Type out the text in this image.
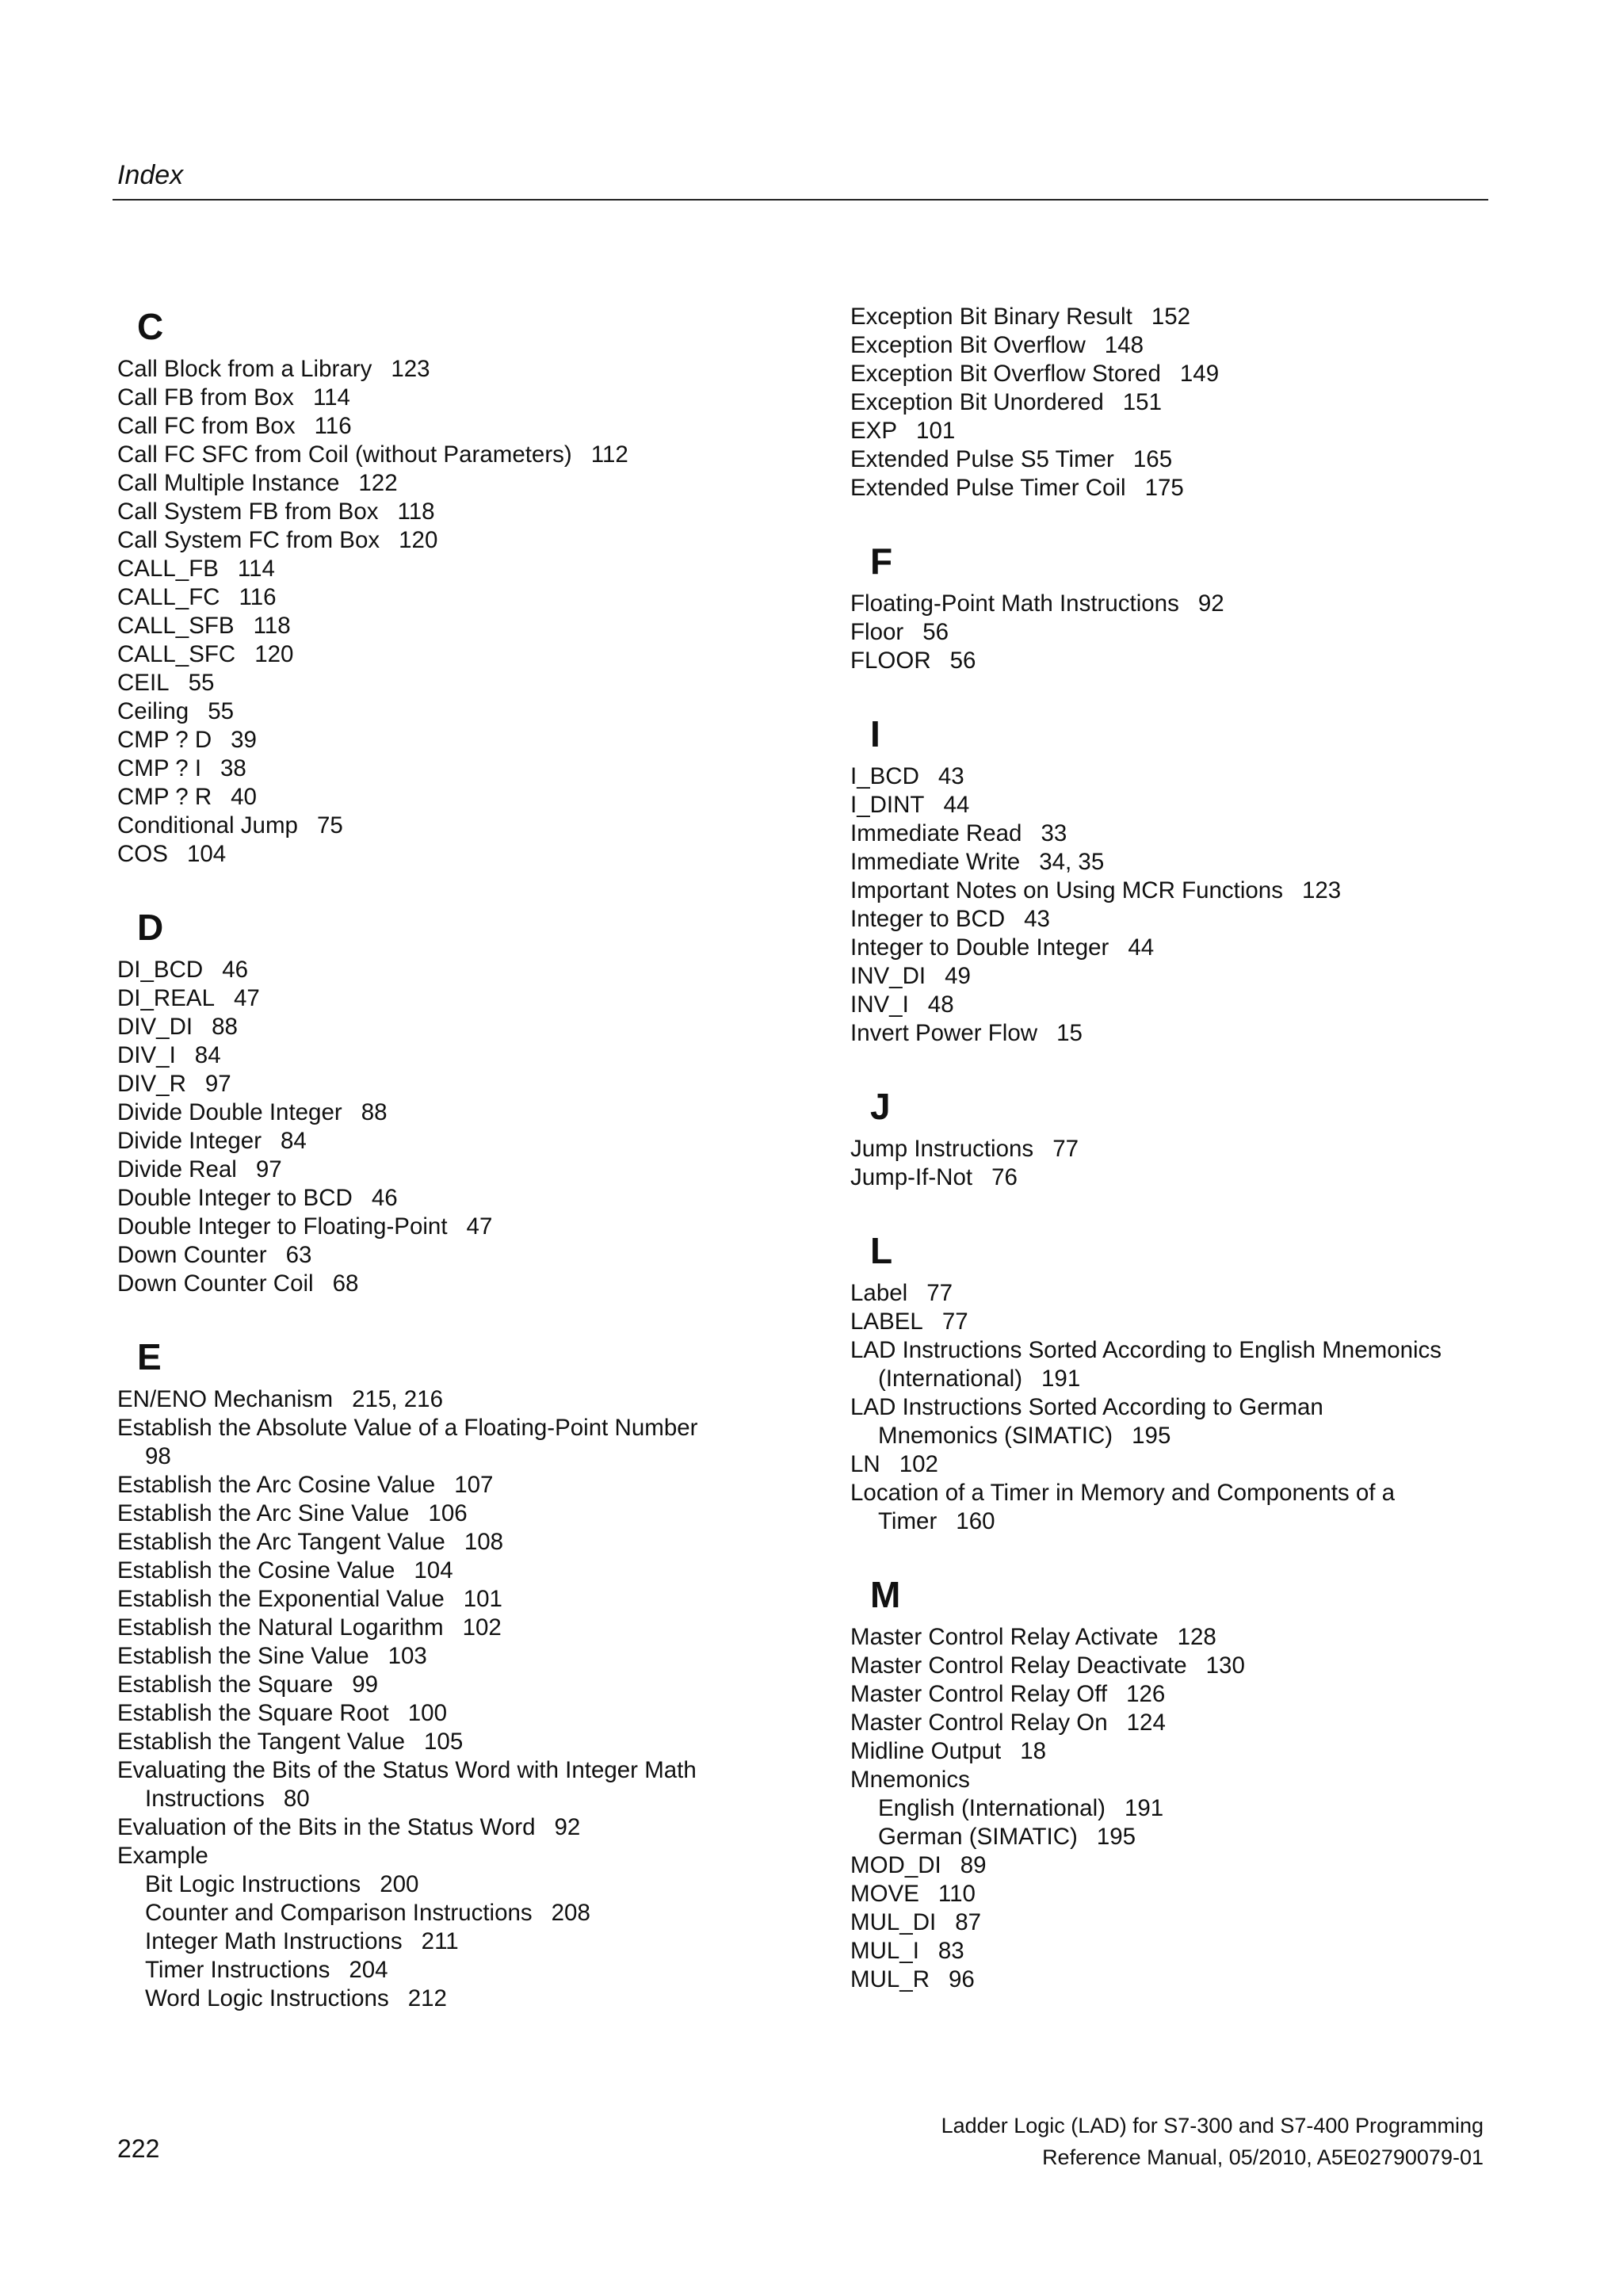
Index
C
Call Block from a Library 123
Call FB from Box 114
Call FC from Box 116
Call FC SFC from Coil (without Parameters) 112
Call Multiple Instance 122
Call System FB from Box 118
Call System FC from Box 120
CALL_FB 114
CALL_FC 116
CALL_SFB 118
CALL_SFC 120
CEIL 55
Ceiling 55
CMP ? D 39
CMP ? I 38
CMP ? R 40
Conditional Jump 75
COS 104
D
DI_BCD 46
DI_REAL 47
DIV_DI 88
DIV_I 84
DIV_R 97
Divide Double Integer 88
Divide Integer 84
Divide Real 97
Double Integer to BCD 46
Double Integer to Floating-Point 47
Down Counter 63
Down Counter Coil 68
E
EN/ENO Mechanism 215, 216
Establish the Absolute Value of a Floating-Point Number
98
Establish the Arc Cosine Value 107
Establish the Arc Sine Value 106
Establish the Arc Tangent Value 108
Establish the Cosine Value 104
Establish the Exponential Value 101
Establish the Natural Logarithm 102
Establish the Sine Value 103
Establish the Square 99
Establish the Square Root 100
Establish the Tangent Value 105
Evaluating the Bits of the Status Word with Integer Math
Instructions 80
Evaluation of the Bits in the Status Word 92
Example
Bit Logic Instructions 200
Counter and Comparison Instructions 208
Integer Math Instructions 211
Timer Instructions 204
Word Logic Instructions 212
Exception Bit Binary Result 152
Exception Bit Overflow 148
Exception Bit Overflow Stored 149
Exception Bit Unordered 151
EXP 101
Extended Pulse S5 Timer 165
Extended Pulse Timer Coil 175
F
Floating-Point Math Instructions 92
Floor 56
FLOOR 56
I
I_BCD 43
I_DINT 44
Immediate Read 33
Immediate Write 34, 35
Important Notes on Using MCR Functions 123
Integer to BCD 43
Integer to Double Integer 44
INV_DI 49
INV_I 48
Invert Power Flow 15
J
Jump Instructions 77
Jump-If-Not 76
L
Label 77
LABEL 77
LAD Instructions Sorted According to English Mnemonics
(International) 191
LAD Instructions Sorted According to German
Mnemonics (SIMATIC) 195
LN 102
Location of a Timer in Memory and Components of a
Timer 160
M
Master Control Relay Activate 128
Master Control Relay Deactivate 130
Master Control Relay Off 126
Master Control Relay On 124
Midline Output 18
Mnemonics
English (International) 191
German (SIMATIC) 195
MOD_DI 89
MOVE 110
MUL_DI 87
MUL_I 83
MUL_R 96
222
Ladder Logic (LAD) for S7-300 and S7-400 Programming
Reference Manual, 05/2010, A5E02790079-01
